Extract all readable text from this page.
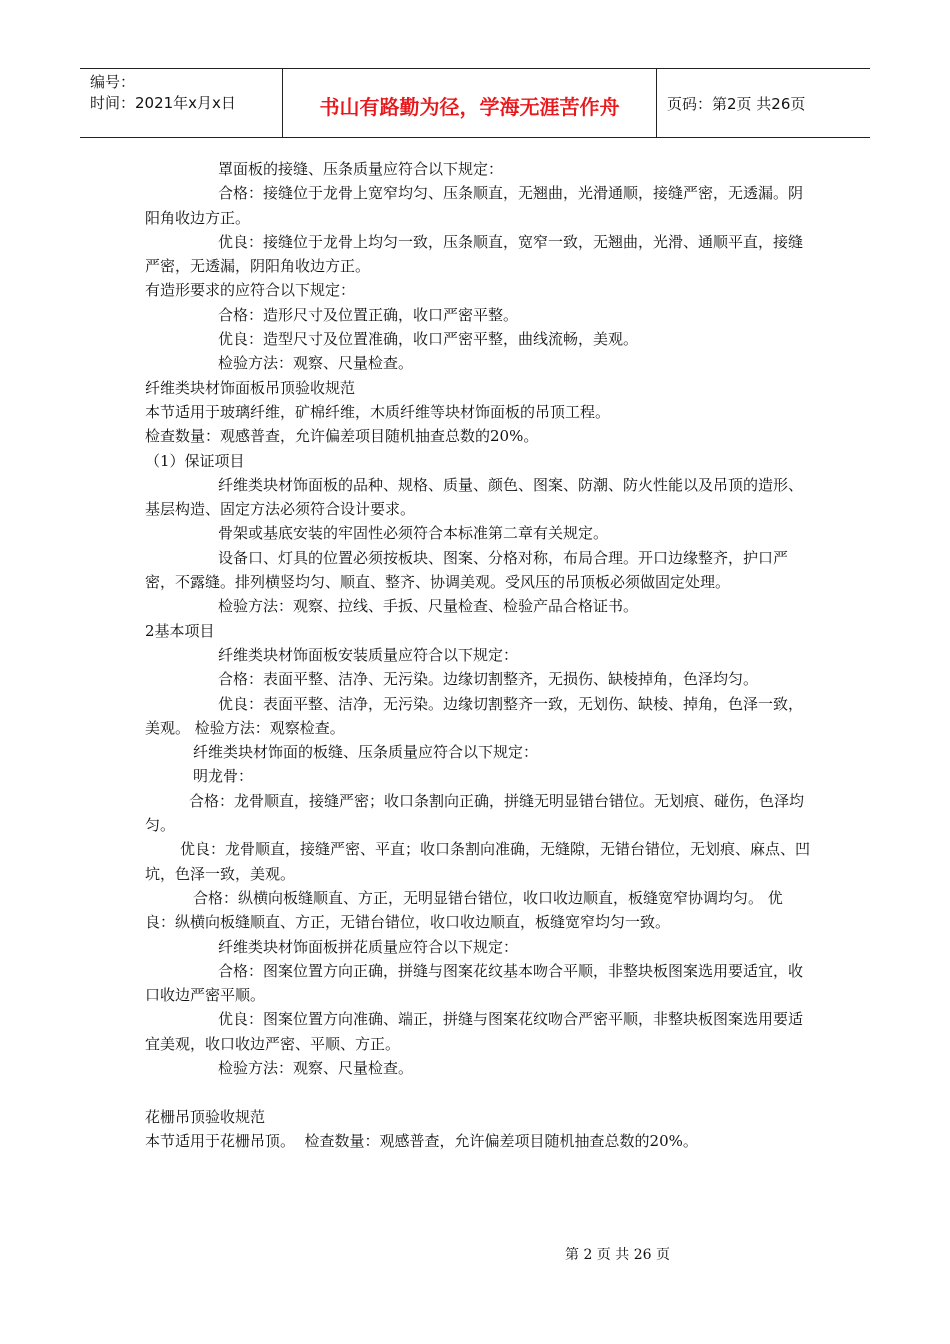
编号：
时间：2021年x月x日	书山有路勤为径，学海无涯苦作舟	页码：第2页 共26页

罩面板的接缝、压条质量应符合以下规定：

合格：接缝位于龙骨上宽窄均匀、压条顺直，无翘曲，光滑通顺，接缝严密，无透漏。阴阳角收边方正。

优良：接缝位于龙骨上均匀一致，压条顺直，宽窄一致，无翘曲，光滑、通顺平直，接缝严密，无透漏，阴阳角收边方正。

有造形要求的应符合以下规定：

合格：造形尺寸及位置正确，收口严密平整。

优良：造型尺寸及位置准确，收口严密平整，曲线流畅，美观。

检验方法：观察、尺量检查。

纤维类块材饰面板吊顶验收规范

本节适用于玻璃纤维，矿棉纤维，木质纤维等块材饰面板的吊顶工程。

检查数量：观感普查，允许偏差项目随机抽查总数的20%。

（1）保证项目

纤维类块材饰面板的品种、规格、质量、颜色、图案、防潮、防火性能以及吊顶的造形、基层构造、固定方法必须符合设计要求。

骨架或基底安装的牢固性必须符合本标准第二章有关规定。

设备口、灯具的位置必须按板块、图案、分格对称，布局合理。开口边缘整齐，护口严密，不露缝。排列横竖均匀、顺直、整齐、协调美观。受风压的吊顶板必须做固定处理。

检验方法：观察、拉线、手扳、尺量检查、检验产品合格证书。

2基本项目

纤维类块材饰面板安装质量应符合以下规定：

合格：表面平整、洁净、无污染。边缘切割整齐，无损伤、缺棱掉角，色泽均匀。

优良：表面平整、洁净，无污染。边缘切割整齐一致，无划伤、缺棱、掉角，色泽一致，美观。 检验方法：观察检查。

纤维类块材饰面的板缝、压条质量应符合以下规定：

明龙骨：

合格：龙骨顺直，接缝严密；收口条割向正确，拼缝无明显错台错位。无划痕、碰伤，色泽均匀。

优良：龙骨顺直，接缝严密、平直；收口条割向准确，无缝隙，无错台错位，无划痕、麻点、凹坑，色泽一致，美观。

合格：纵横向板缝顺直、方正，无明显错台错位，收口收边顺直，板缝宽窄协调均匀。 优良：纵横向板缝顺直、方正，无错台错位，收口收边顺直，板缝宽窄均匀一致。

纤维类块材饰面板拼花质量应符合以下规定：

合格：图案位置方向正确，拼缝与图案花纹基本吻合平顺，非整块板图案选用要适宜，收口收边严密平顺。

优良：图案位置方向准确、端正，拼缝与图案花纹吻合严密平顺，非整块板图案选用要适宜美观，收口收边严密、平顺、方正。

检验方法：观察、尺量检查。

花栅吊顶验收规范

本节适用于花栅吊顶。  检查数量：观感普查，允许偏差项目随机抽查总数的20%。

第 2 页 共 26 页
